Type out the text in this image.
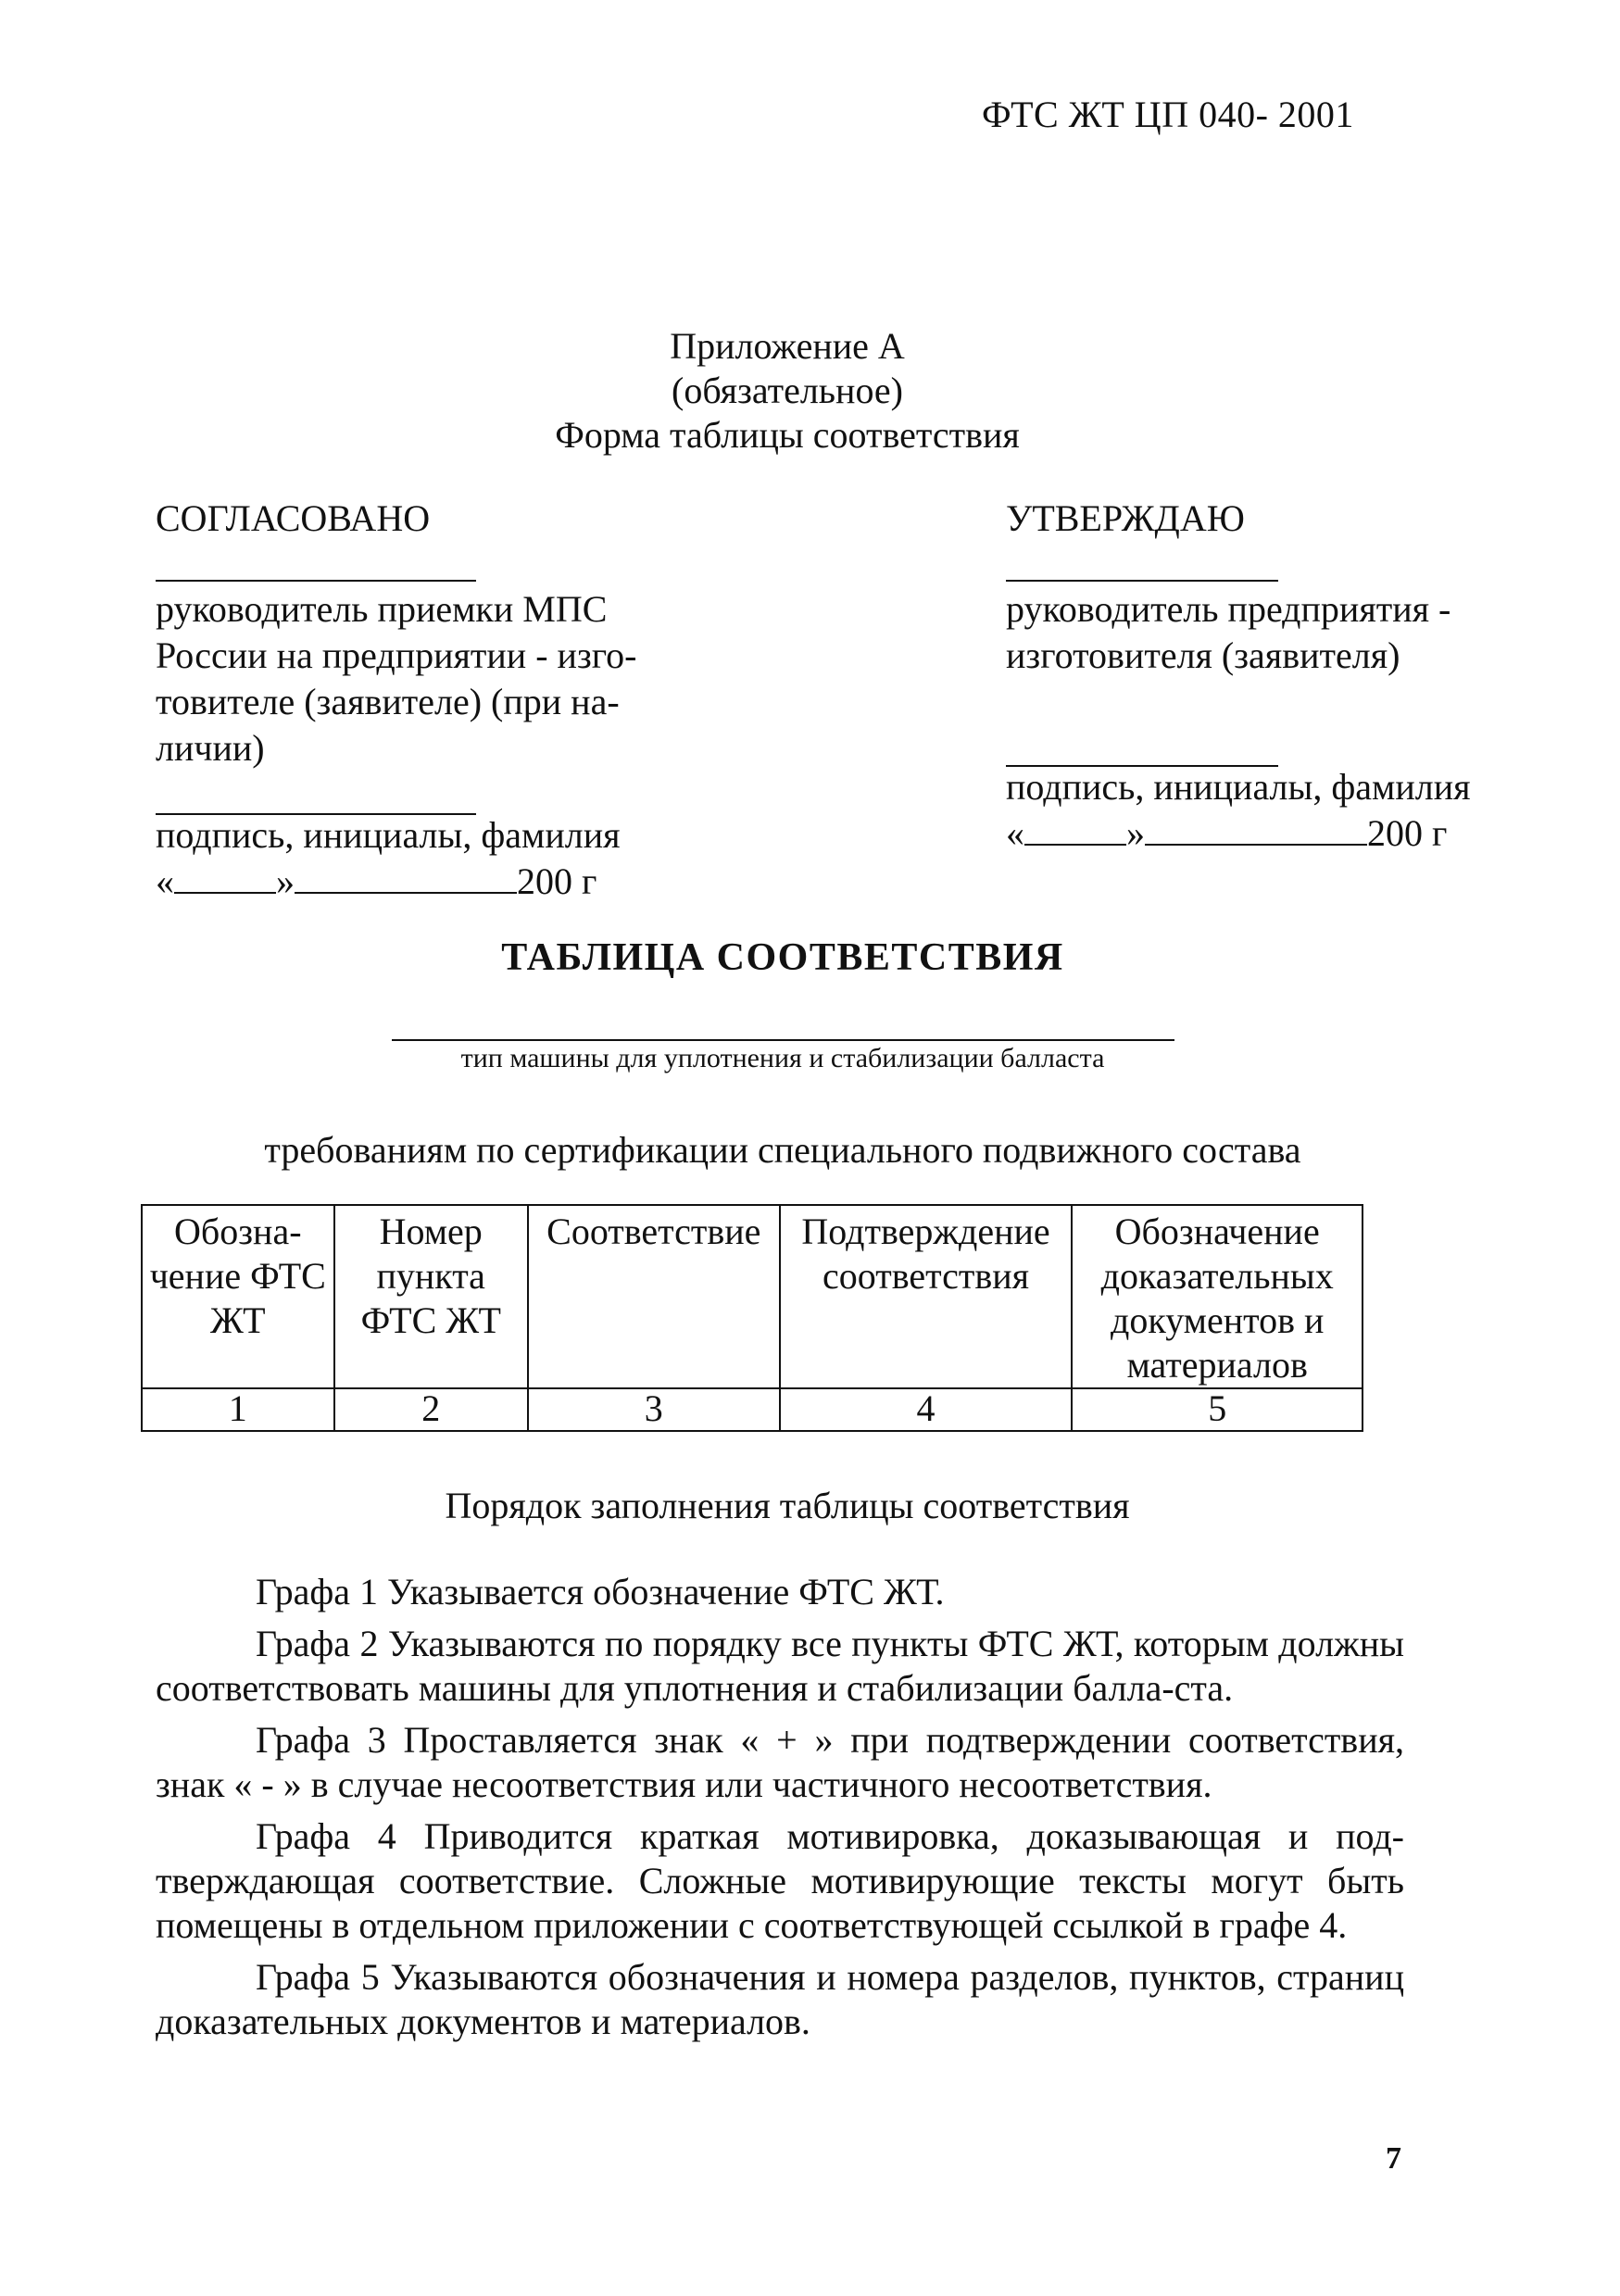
ФТС ЖТ ЦП 040- 2001
Приложение А
(обязательное)
Форма таблицы соответствия
СОГЛАСОВАНО
руководитель приемки МПС России на предприятии - изго-товителе (заявителе) (при на-личии)
подпись, инициалы, фамилия
«	»	200 г
УТВЕРЖДАЮ
руководитель предприятия - изготовителя (заявителя)
подпись, инициалы, фамилия
«	»	200 г
ТАБЛИЦА СООТВЕТСТВИЯ
тип машины для уплотнения и стабилизации балласта
требованиям по сертификации специального подвижного состава
Обозна-чение ФТС ЖТ	Номер пункта ФТС ЖТ	Соответствие	Подтверждение соответствия	Обозначение доказательных документов и материалов
1	2	3	4	5
Порядок заполнения таблицы соответствия

Графа 1 Указывается обозначение ФТС ЖТ.

Графа 2 Указываются по порядку все пункты ФТС ЖТ, которым должны соответствовать машины для уплотнения и стабилизации балла-ста.

Графа 3 Проставляется знак « + » при подтверждении соответствия, знак « - » в случае несоответствия или частичного несоответствия.

Графа 4 Приводится краткая мотивировка, доказывающая и под-тверждающая соответствие. Сложные мотивирующие тексты могут быть помещены в отдельном приложении с соответствующей ссылкой в графе 4.

Графа 5 Указываются обозначения и номера разделов, пунктов, страниц доказательных документов и материалов.

7
